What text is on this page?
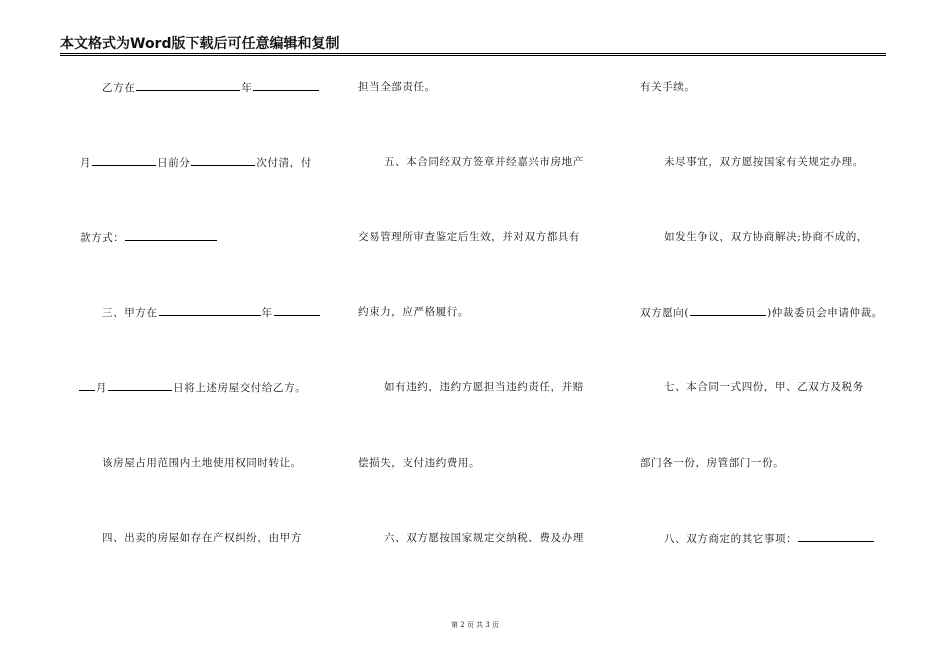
本文格式为Word版下载后可任意编辑和复制
乙方在	年
月	日前分	次付清，付
款方式：
三、甲方在	年
月	日将上述房屋交付给乙方。
该房屋占用范围内土地使用权同时转让。
四、出卖的房屋如存在产权纠纷，由甲方
担当全部责任。
五、本合同经双方签章并经嘉兴市房地产
交易管理所审查鉴定后生效，并对双方都具有
约束力，应严格履行。
如有违约，违约方愿担当违约责任，并赔
偿损失，支付违约费用。
六、双方愿按国家规定交纳税、费及办理
有关手续。
未尽事宜，双方愿按国家有关规定办理。
如发生争议，双方协商解决;协商不成的，
双方愿向(	)仲裁委员会申请仲裁。
七、本合同一式四份，甲、乙双方及税务
部门各一份，房管部门一份。
八、双方商定的其它事项：
第 2 页 共 3 页
